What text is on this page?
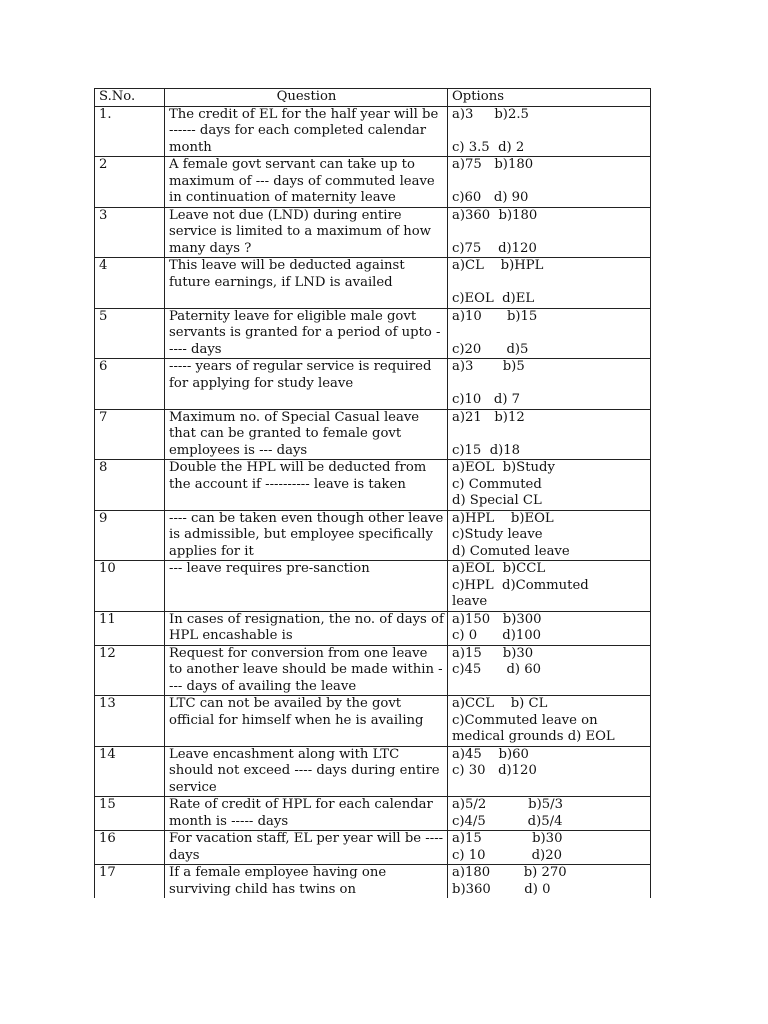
S.No.	Question	Options
1.	The credit of EL for the half year will be ------ days for each completed calendar month	a)3     b)2.5
c) 3.5  d) 2

2	A female govt servant can take up to maximum of --- days of commuted leave in continuation of maternity leave	a)75   b)180
c)60   d) 90

3	Leave not due (LND) during entire service is limited to a maximum of how many days ?	a)360  b)180
c)75    d)120

4	This leave will be deducted against future earnings, if LND is availed	a)CL    b)HPL
c)EOL  d)EL

5	Paternity leave for eligible male govt servants is granted for a period of upto ----- days	a)10      b)15
c)20      d)5

6	----- years of regular service is required for applying for study leave	a)3       b)5
c)10   d) 7

7	Maximum no. of Special Casual leave that can be granted to female govt employees is --- days	a)21   b)12
c)15  d)18

8	Double the HPL will be deducted from the account if ---------- leave is taken	a)EOL  b)Study
c) Commuted
d) Special CL

9	---- can be taken even though other leave is admissible, but employee specifically applies for it	a)HPL    b)EOL
c)Study leave
d) Comuted leave

10	--- leave requires pre-sanction	a)EOL  b)CCL
c)HPL  d)Commuted
leave

11	In cases of resignation, the no. of days of HPL encashable is	a)150   b)300
c) 0      d)100

12	Request for conversion from one leave to another leave should be made within ---- days of availing the leave	a)15     b)30
c)45      d) 60

13	LTC can not be availed by the govt official for himself when he is availing	a)CCL    b) CL
c)Commuted leave on
medical grounds d) EOL

14	Leave encashment along with LTC should not exceed ---- days during entire service	a)45    b)60
c) 30   d)120

15	Rate of credit of HPL for each calendar month is ----- days	a)5/2          b)5/3
c)4/5          d)5/4

16	For vacation staff, EL per year will be ---- days	a)15            b)30
c) 10           d)20

17	If a female employee having one surviving child has twins on	a)180        b) 270
b)360        d) 0
